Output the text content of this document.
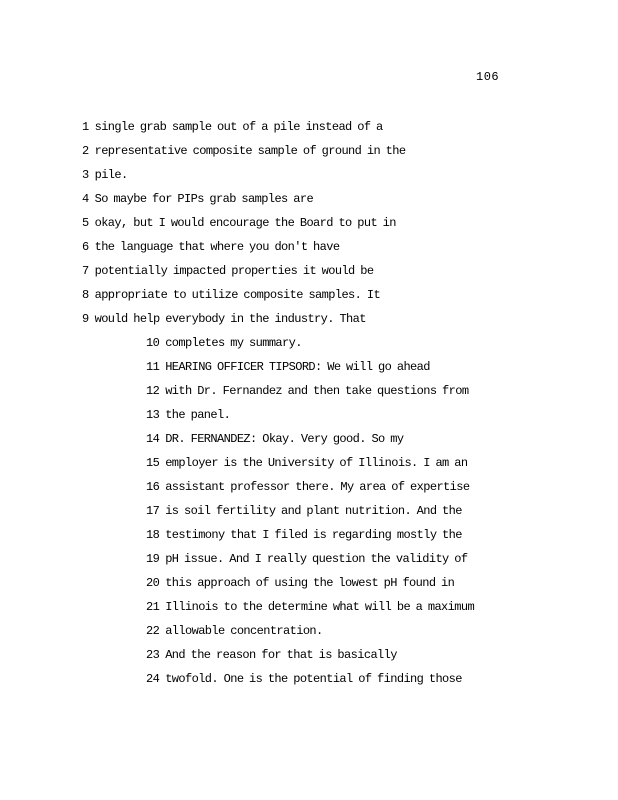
106
1 single grab sample out of a pile instead of a
2 representative composite sample of ground in the
3 pile.
4 So maybe for PIPs grab samples are
5 okay, but I would encourage the Board to put in
6 the language that where you don't have
7 potentially impacted properties it would be
8 appropriate to utilize composite samples. It
9 would help everybody in the industry. That
10 completes my summary.
11 HEARING OFFICER TIPSORD: We will go ahead
12 with Dr. Fernandez and then take questions from
13 the panel.
14 DR. FERNANDEZ: Okay. Very good. So my
15 employer is the University of Illinois. I am an
16 assistant professor there. My area of expertise
17 is soil fertility and plant nutrition. And the
18 testimony that I filed is regarding mostly the
19 pH issue. And I really question the validity of
20 this approach of using the lowest pH found in
21 Illinois to the determine what will be a maximum
22 allowable concentration.
23 And the reason for that is basically
24 twofold. One is the potential of finding those
